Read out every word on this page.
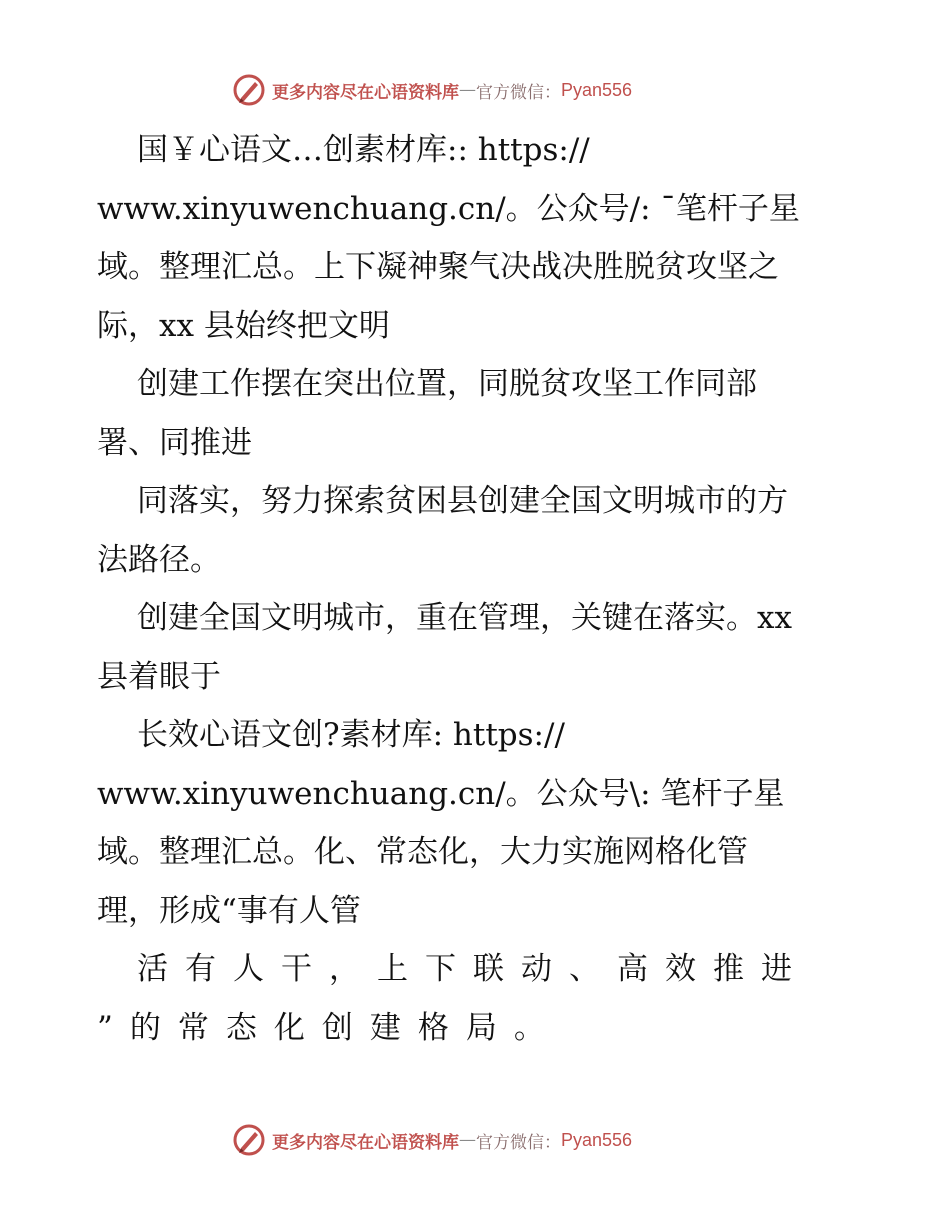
更多内容尽在心语资料库 — 官方微信： Pyan556
国￥心语文…创素材库:: https://
www.xinyuwenchuang.cn/。公众号/: ¯笔杆子星
域。整理汇总。上下凝神聚气决战决胜脱贫攻坚之
际，xx 县始终把文明
创建工作摆在突出位置，同脱贫攻坚工作同部
署、同推进
同落实，努力探索贫困县创建全国文明城市的方
法路径。
创建全国文明城市，重在管理，关键在落实。xx
县着眼于
长效心语文创?素材库: https://
www.xinyuwenchuang.cn/。公众号\: 笔杆子星
域。整理汇总。化、常态化，大力实施网格化管
理，形成“事有人管
活有人干，上下联动、高效推进
”的常态化创建格局。
更多内容尽在心语资料库 — 官方微信： Pyan556
